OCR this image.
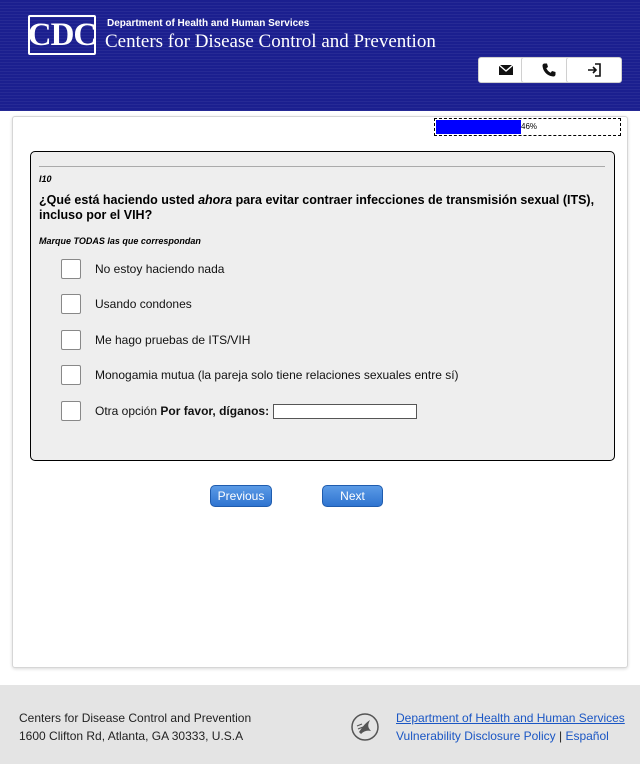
CDC Department of Health and Human Services
Centers for Disease Control and Prevention
46%
I10
¿Qué está haciendo usted ahora para evitar contraer infecciones de transmisión sexual (ITS), incluso por el VIH?
Marque TODAS las que correspondan
No estoy haciendo nada
Usando condones
Me hago pruebas de ITS/VIH
Monogamia mutua (la pareja solo tiene relaciones sexuales entre sí)
Otra opción Por favor, díganos:
Previous	Next
Centers for Disease Control and Prevention
1600 Clifton Rd, Atlanta, GA 30333, U.S.A
Department of Health and Human Services
Vulnerability Disclosure Policy | Español
